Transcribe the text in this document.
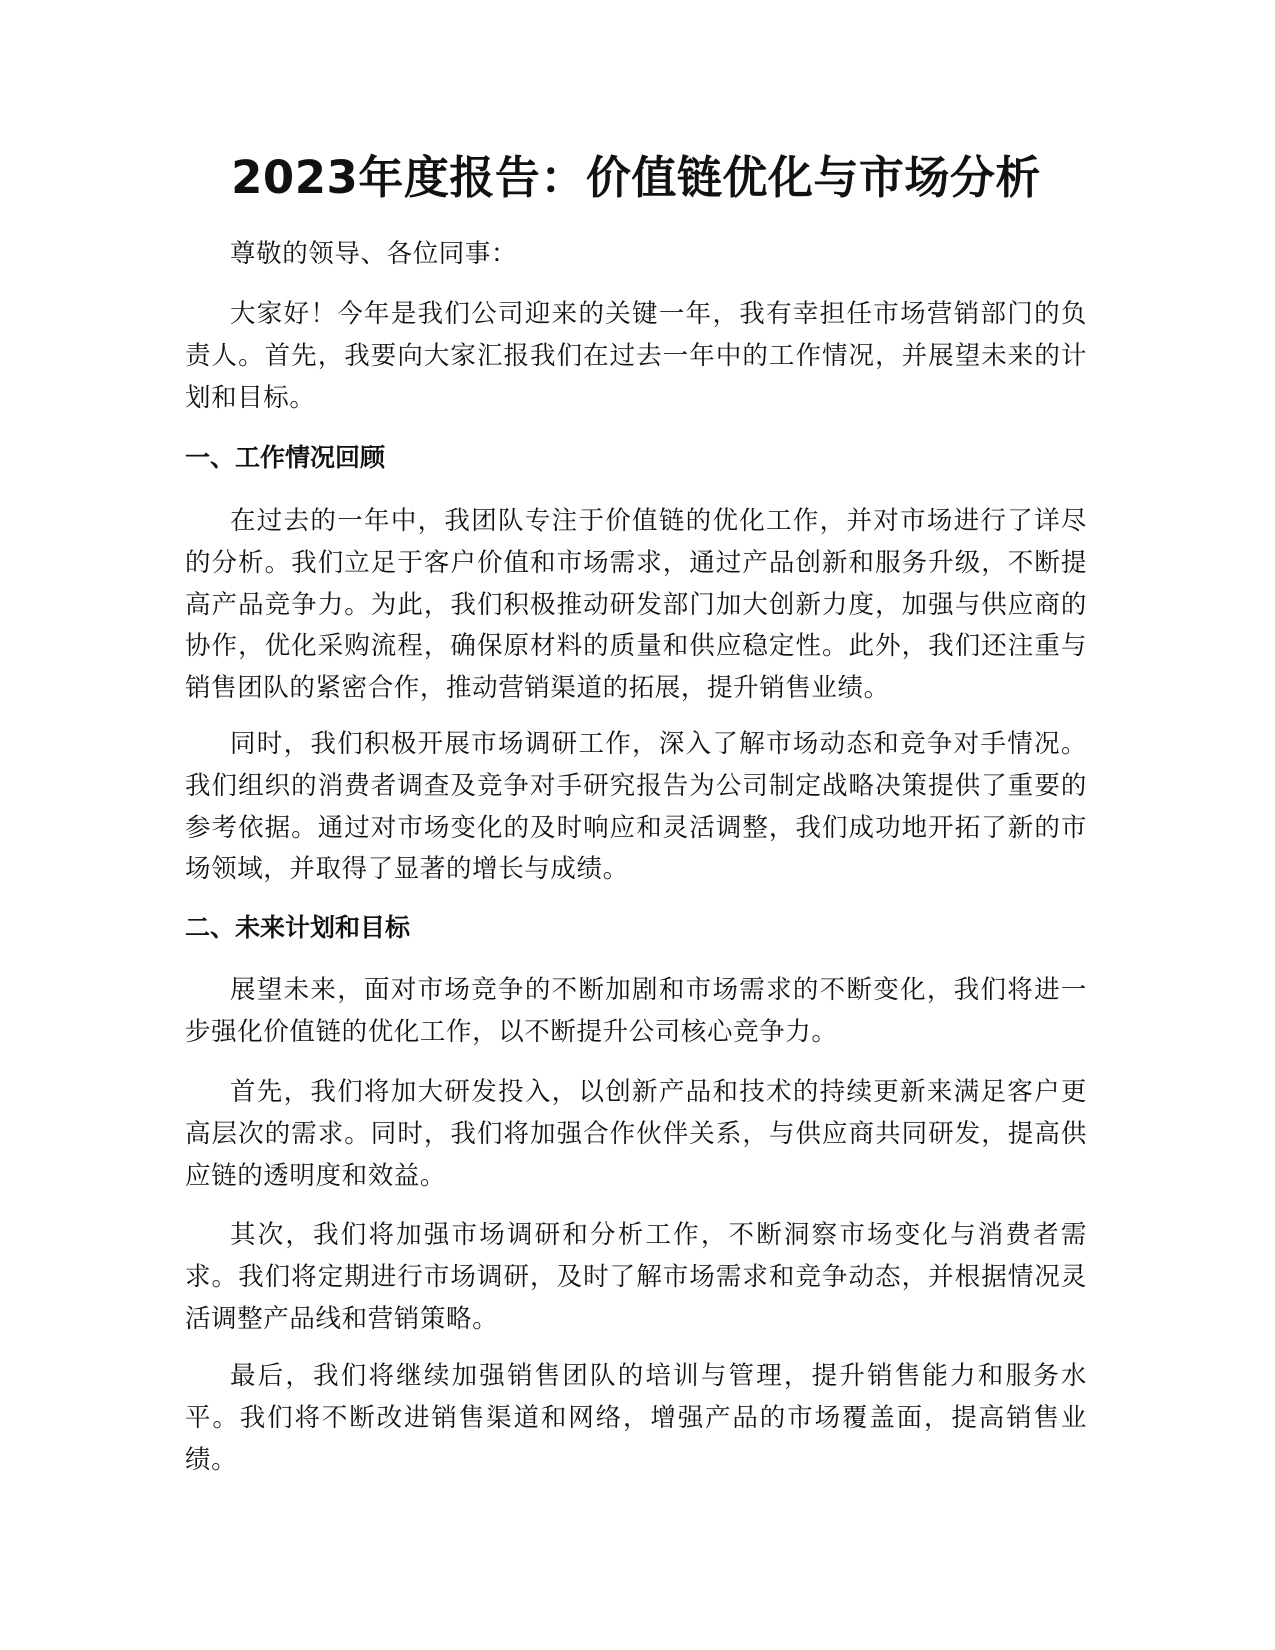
2023年度报告：价值链优化与市场分析

尊敬的领导、各位同事：

大家好！今年是我们公司迎来的关键一年，我有幸担任市场营销部门的负责人。首先，我要向大家汇报我们在过去一年中的工作情况，并展望未来的计划和目标。

一、工作情况回顾

在过去的一年中，我团队专注于价值链的优化工作，并对市场进行了详尽的分析。我们立足于客户价值和市场需求，通过产品创新和服务升级，不断提高产品竞争力。为此，我们积极推动研发部门加大创新力度，加强与供应商的协作，优化采购流程，确保原材料的质量和供应稳定性。此外，我们还注重与销售团队的紧密合作，推动营销渠道的拓展，提升销售业绩。

同时，我们积极开展市场调研工作，深入了解市场动态和竞争对手情况。我们组织的消费者调查及竞争对手研究报告为公司制定战略决策提供了重要的参考依据。通过对市场变化的及时响应和灵活调整，我们成功地开拓了新的市场领域，并取得了显著的增长与成绩。

二、未来计划和目标

展望未来，面对市场竞争的不断加剧和市场需求的不断变化，我们将进一步强化价值链的优化工作，以不断提升公司核心竞争力。

首先，我们将加大研发投入，以创新产品和技术的持续更新来满足客户更高层次的需求。同时，我们将加强合作伙伴关系，与供应商共同研发，提高供应链的透明度和效益。

其次，我们将加强市场调研和分析工作，不断洞察市场变化与消费者需求。我们将定期进行市场调研，及时了解市场需求和竞争动态，并根据情况灵活调整产品线和营销策略。

最后，我们将继续加强销售团队的培训与管理，提升销售能力和服务水平。我们将不断改进销售渠道和网络，增强产品的市场覆盖面，提高销售业绩。
